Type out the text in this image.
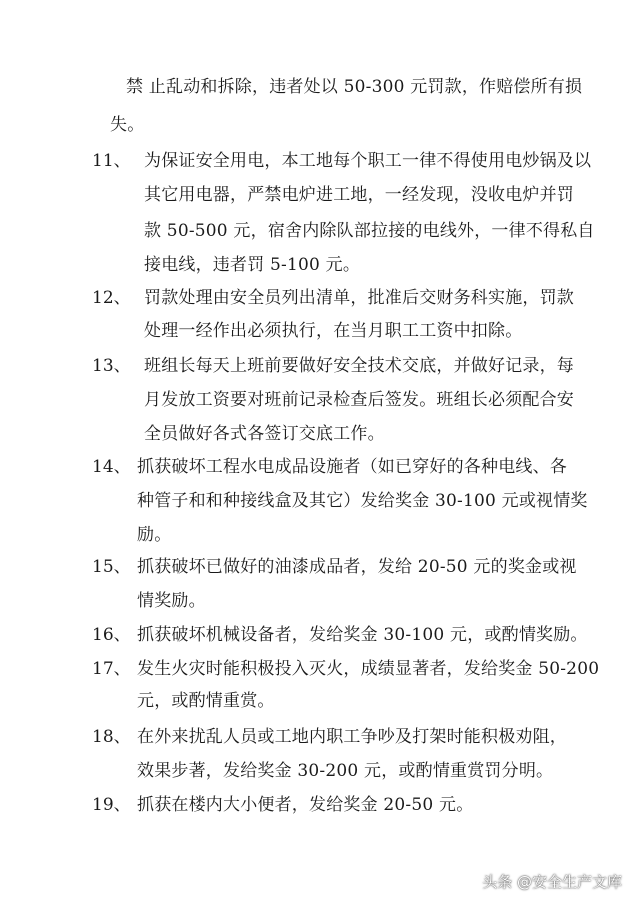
禁 止乱动和拆除，违者处以 50-300 元罚款，作赔偿所有损
失。
11、 为保证安全用电，本工地每个职工一律不得使用电炒锅及以
其它用电器，严禁电炉进工地，一经发现，没收电炉并罚
款 50-500 元，宿舍内除队部拉接的电线外，一律不得私自
接电线，违者罚 5-100 元。
12、 罚款处理由安全员列出清单，批准后交财务科实施，罚款
处理一经作出必须执行，在当月职工工资中扣除。
13、 班组长每天上班前要做好安全技术交底，并做好记录，每
月发放工资要对班前记录检查后签发。班组长必须配合安
全员做好各式各签订交底工作。
14、 抓获破坏工程水电成品设施者（如已穿好的各种电线、各
种管子和和种接线盒及其它）发给奖金 30-100 元或视情奖
励。
15、 抓获破坏已做好的油漆成品者，发给 20-50 元的奖金或视
情奖励。
16、 抓获破坏机械设备者，发给奖金 30-100 元，或酌情奖励。
17、 发生火灾时能积极投入灭火，成绩显著者，发给奖金 50-200
元，或酌情重赏。
18、 在外来扰乱人员或工地内职工争吵及打架时能积极劝阻，
效果步著，发给奖金 30-200 元，或酌情重赏罚分明。
19、 抓获在楼内大小便者，发给奖金 20-50 元。
头条 @安全生产文库
